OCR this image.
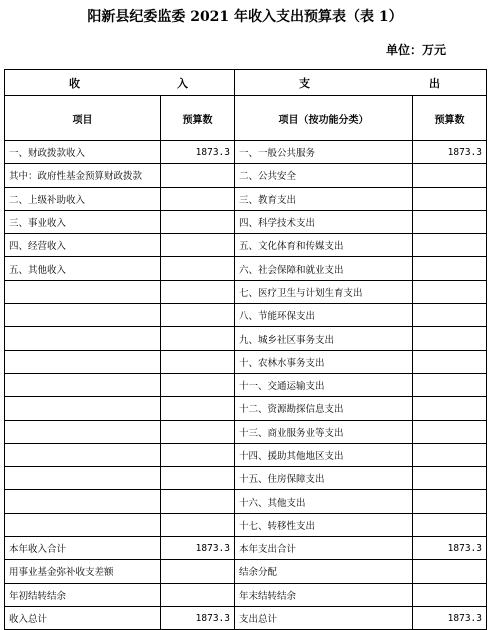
阳新县纪委监委 2021 年收入支出预算表（表 1）
单位：万元
收 入		支 出	

项目	预算数	项目（按功能分类）	预算数
一、财政拨款收入	1873.3	一、一般公共服务	1873.3
其中：政府性基金预算财政拨款		二、公共安全	
二、上级补助收入		三、教育支出	
三、事业收入		四、科学技术支出	
四、经营收入		五、文化体育和传媒支出	
五、其他收入		六、社会保障和就业支出	
		七、医疗卫生与计划生育支出	
		八、节能环保支出	
		九、城乡社区事务支出	
		十、农林水事务支出	
		十一、交通运输支出	
		十二、资源勘探信息支出	
		十三、商业服务业等支出	
		十四、援助其他地区支出	
		十五、住房保障支出	
		十六、其他支出	
		十七、转移性支出	
本年收入合计	1873.3	本年支出合计	1873.3
用事业基金弥补收支差额		结余分配	
年初结转结余		年末结转结余	
收入总计	1873.3	支出总计	1873.3
